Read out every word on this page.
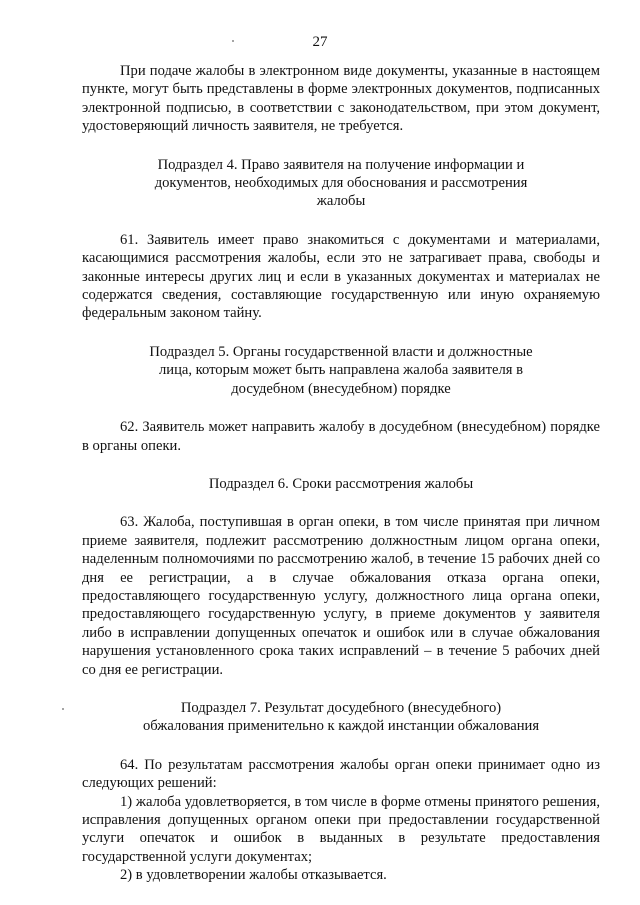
27

При подаче жалобы в электронном виде документы, указанные в настоящем пункте, могут быть представлены в форме электронных документов, подписанных электронной подписью, в соответствии с законодательством, при этом документ, удостоверяющий личность заявителя, не требуется.

Подраздел 4. Право заявителя на получение информации и документов, необходимых для обоснования и рассмотрения жалобы

61. Заявитель имеет право знакомиться с документами и материалами, касающимися рассмотрения жалобы, если это не затрагивает права, свободы и законные интересы других лиц и если в указанных документах и материалах не содержатся сведения, составляющие государственную или иную охраняемую федеральным законом тайну.

Подраздел 5. Органы государственной власти и должностные лица, которым может быть направлена жалоба заявителя в досудебном (внесудебном) порядке

62. Заявитель может направить жалобу в досудебном (внесудебном) порядке в органы опеки.

Подраздел 6. Сроки рассмотрения жалобы

63. Жалоба, поступившая в орган опеки, в том числе принятая при личном приеме заявителя, подлежит рассмотрению должностным лицом органа опеки, наделенным полномочиями по рассмотрению жалоб, в течение 15 рабочих дней со дня ее регистрации, а в случае обжалования отказа органа опеки, предоставляющего государственную услугу, должностного лица органа опеки, предоставляющего государственную услугу, в приеме документов у заявителя либо в исправлении допущенных опечаток и ошибок или в случае обжалования нарушения установленного срока таких исправлений – в течение 5 рабочих дней со дня ее регистрации.

Подраздел 7. Результат досудебного (внесудебного) обжалования применительно к каждой инстанции обжалования

64. По результатам рассмотрения жалобы орган опеки принимает одно из следующих решений:

1) жалоба удовлетворяется, в том числе в форме отмены принятого решения, исправления допущенных органом опеки при предоставлении государственной услуги опечаток и ошибок в выданных в результате предоставления государственной услуги документах;

2) в удовлетворении жалобы отказывается.
